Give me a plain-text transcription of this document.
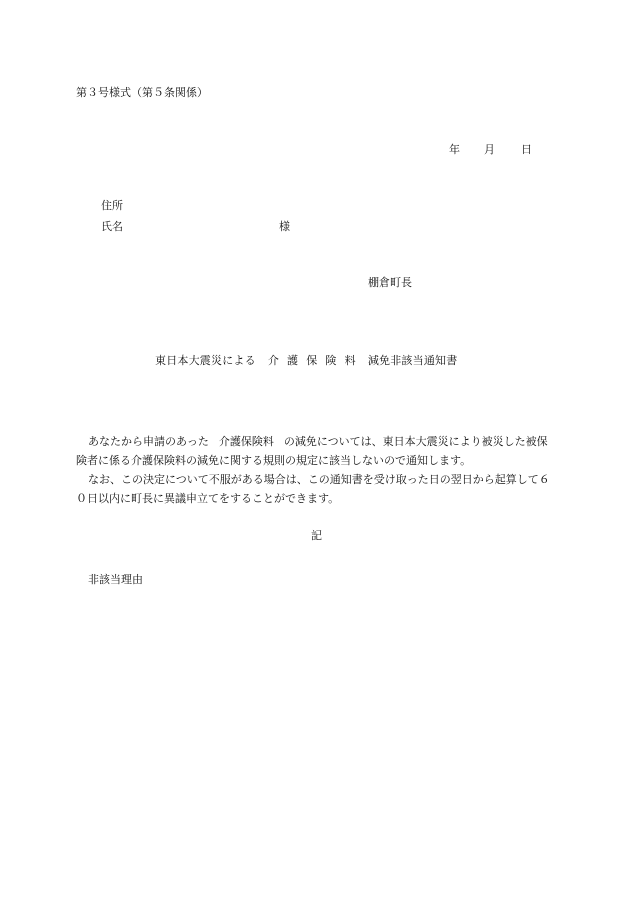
第３号様式（第５条関係）
年 月 日
住所
氏名	様
棚倉町長
東日本大震災による 介 護 保 険 料 減免非該当通知書

あなたから申請のあった 介護保険料 の減免については、東日本大震災により被災した被保険者に係る介護保険料の減免に関する規則の規定に該当しないので通知します。

なお、この決定について不服がある場合は、この通知書を受け取った日の翌日から起算して６０日以内に町長に異議申立てをすることができます。

記
非該当理由
